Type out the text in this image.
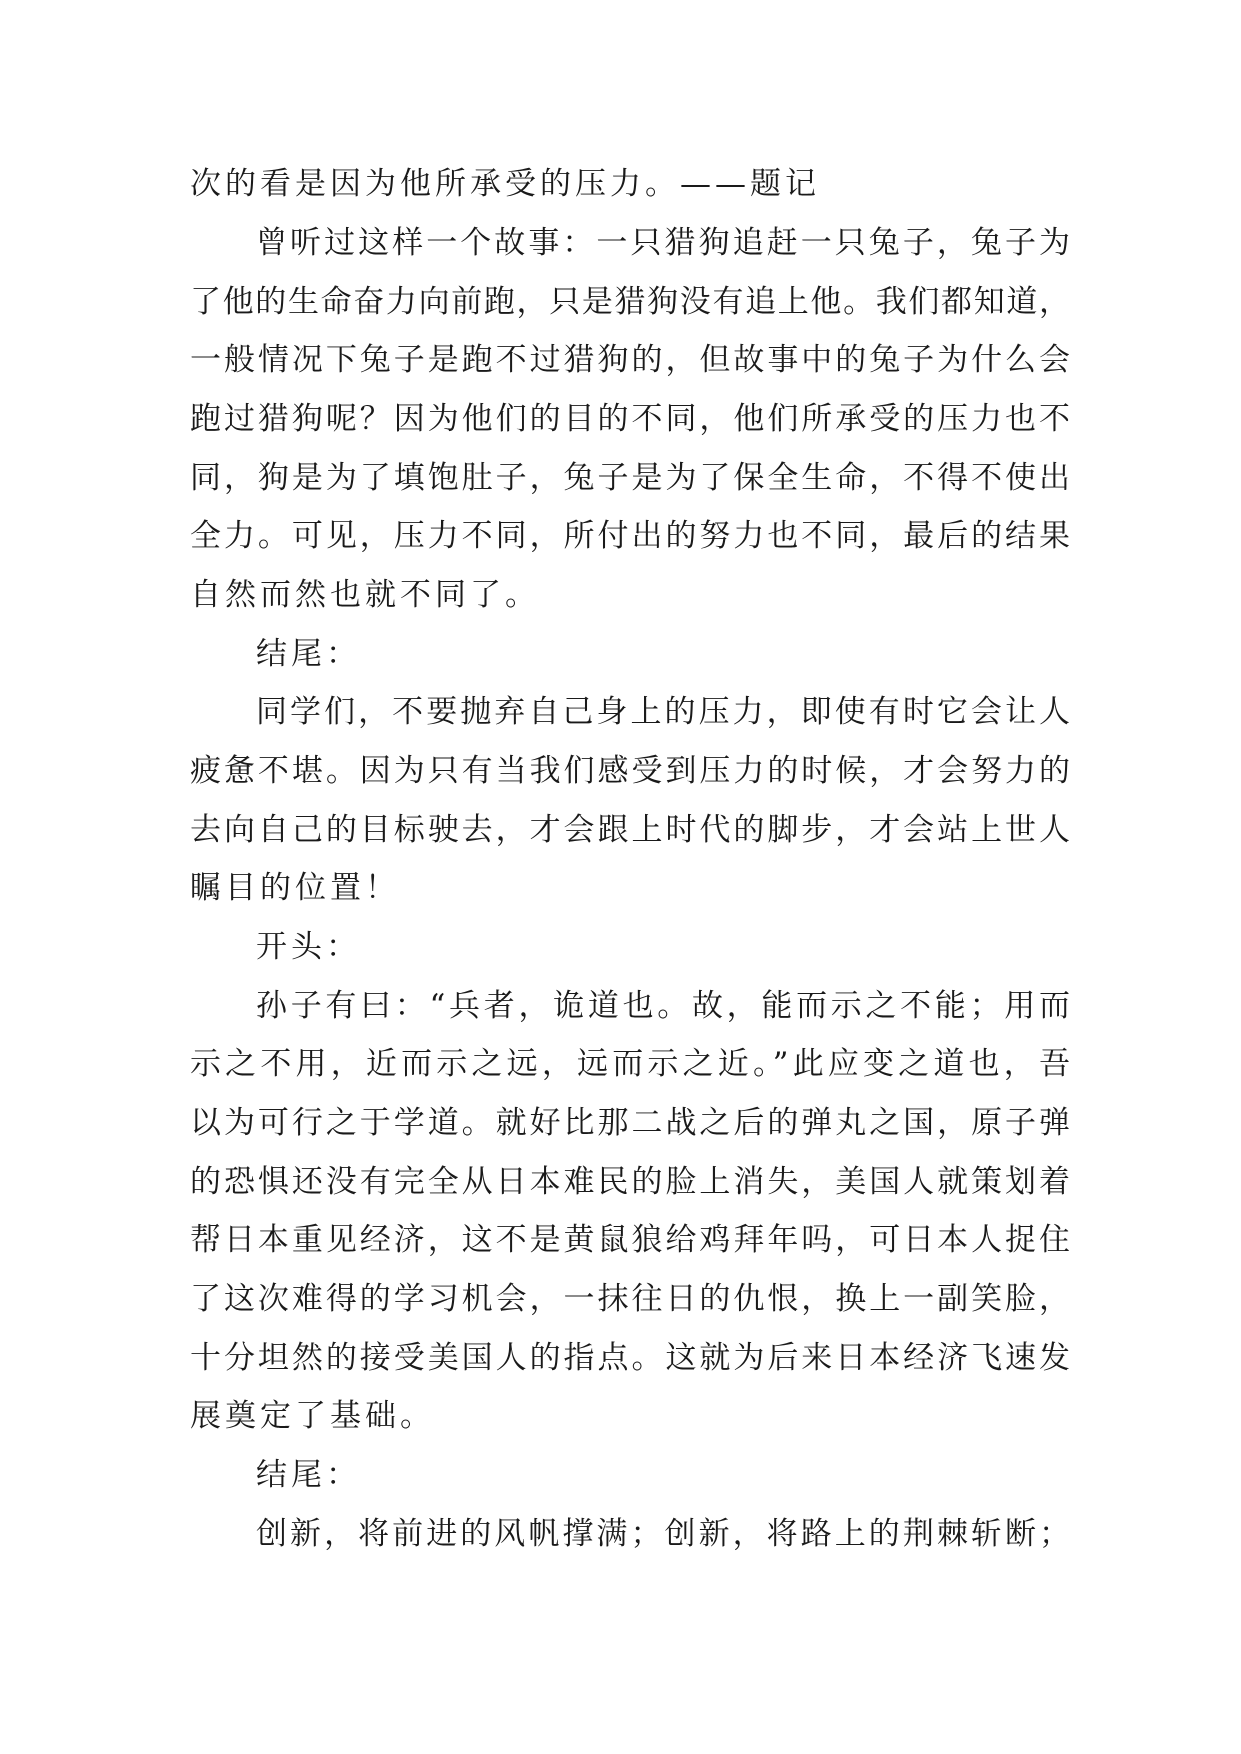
次的看是因为他所承受的压力。——题记
曾听过这样一个故事：一只猎狗追赶一只兔子，兔子为
了他的生命奋力向前跑，只是猎狗没有追上他。我们都知道，
一般情况下兔子是跑不过猎狗的，但故事中的兔子为什么会
跑过猎狗呢？因为他们的目的不同，他们所承受的压力也不
同，狗是为了填饱肚子，兔子是为了保全生命，不得不使出
全力。可见，压力不同，所付出的努力也不同，最后的结果
自然而然也就不同了。
结尾：
同学们，不要抛弃自己身上的压力，即使有时它会让人
疲惫不堪。因为只有当我们感受到压力的时候，才会努力的
去向自己的目标驶去，才会跟上时代的脚步，才会站上世人
瞩目的位置！
开头：
孙子有曰：“兵者，诡道也。故，能而示之不能；用而
示之不用，近而示之远，远而示之近。”此应变之道也，吾
以为可行之于学道。就好比那二战之后的弹丸之国，原子弹
的恐惧还没有完全从日本难民的脸上消失，美国人就策划着
帮日本重见经济，这不是黄鼠狼给鸡拜年吗，可日本人捉住
了这次难得的学习机会，一抹往日的仇恨，换上一副笑脸，
十分坦然的接受美国人的指点。这就为后来日本经济飞速发
展奠定了基础。
结尾：
创新，将前进的风帆撑满；创新，将路上的荆棘斩断；
